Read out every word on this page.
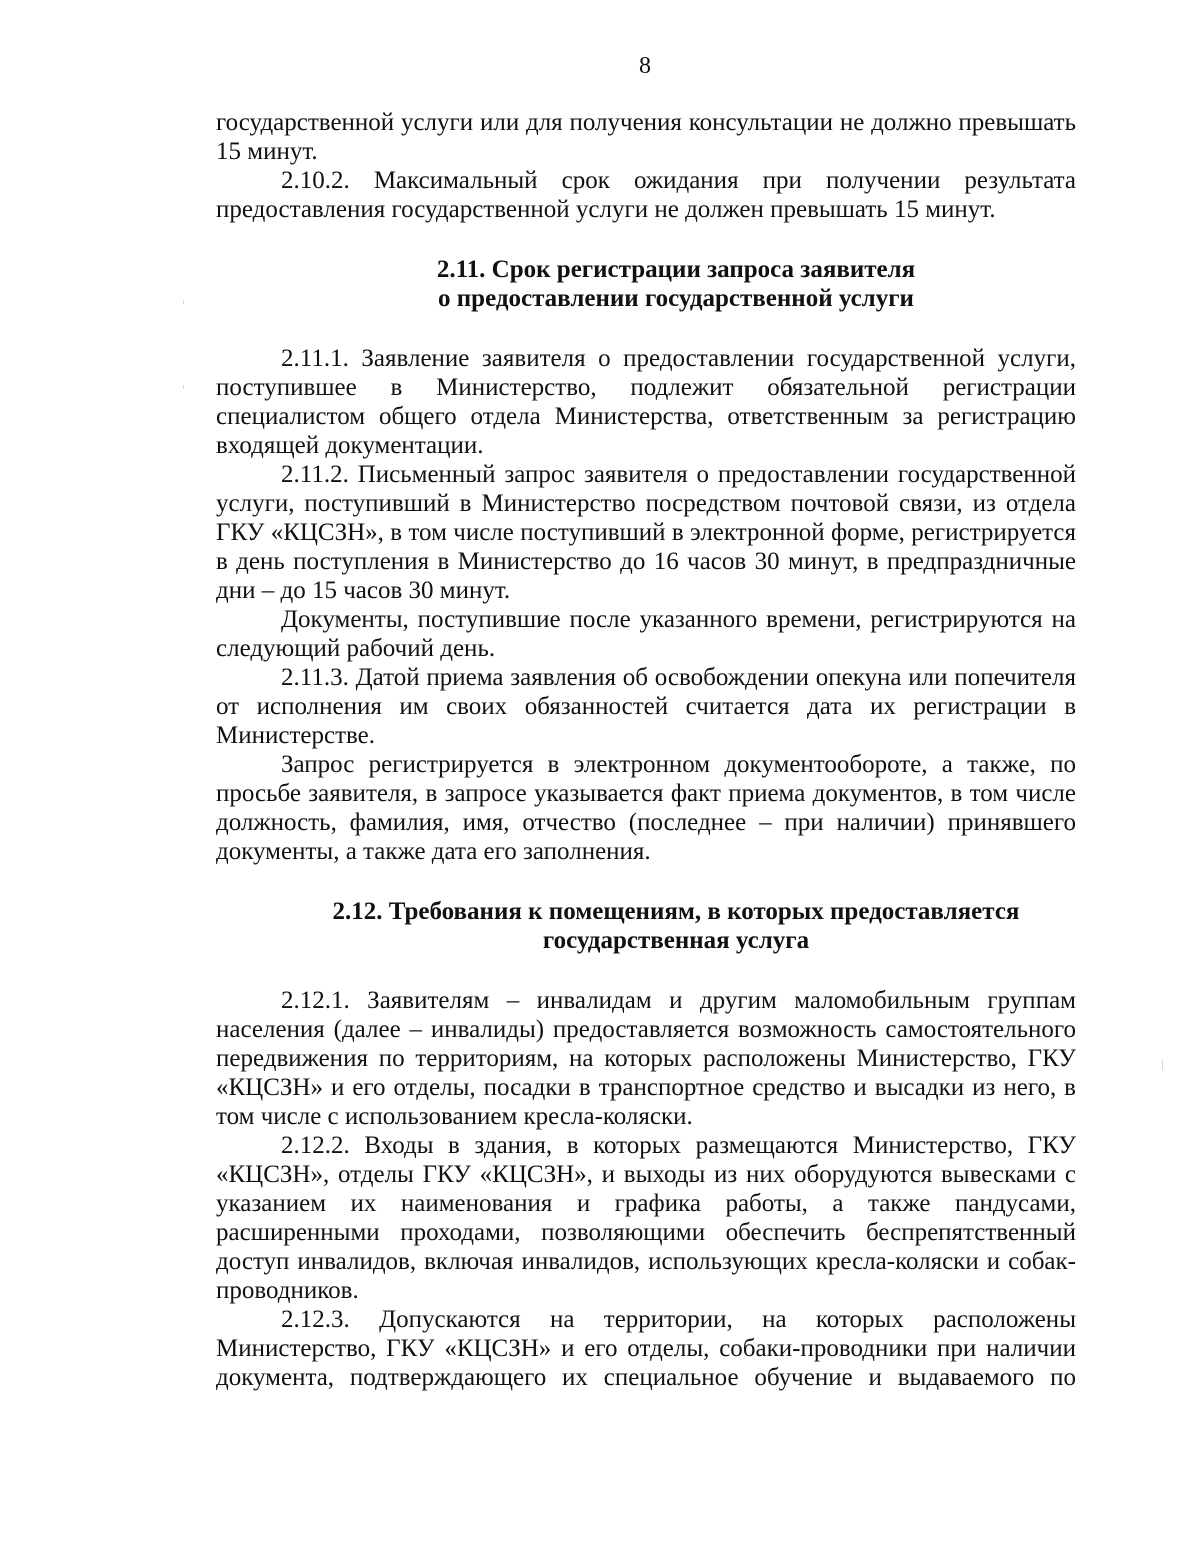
8

государственной услуги или для получения консультации не должно превышать 15 минут.

2.10.2. Максимальный срок ожидания при получении результата предоставления государственной услуги не должен превышать 15 минут.

2.11. Срок регистрации запроса заявителя
о предоставлении государственной услуги

2.11.1. Заявление заявителя о предоставлении государственной услуги, поступившее в Министерство, подлежит обязательной регистрации специалистом общего отдела Министерства, ответственным за регистрацию входящей документации.

2.11.2. Письменный запрос заявителя о предоставлении государственной услуги, поступивший в Министерство посредством почтовой связи, из отдела ГКУ «КЦСЗН», в том числе поступивший в электронной форме, регистрируется в день поступления в Министерство до 16 часов 30 минут, в предпраздничные дни – до 15 часов 30 минут.

Документы, поступившие после указанного времени, регистрируются на следующий рабочий день.

2.11.3. Датой приема заявления об освобождении опекуна или попечителя от исполнения им своих обязанностей считается дата их регистрации в Министерстве.

Запрос регистрируется в электронном документообороте, а также, по просьбе заявителя, в запросе указывается факт приема документов, в том числе должность, фамилия, имя, отчество (последнее – при наличии) принявшего документы, а также дата его заполнения.

2.12. Требования к помещениям, в которых предоставляется
государственная услуга

2.12.1. Заявителям – инвалидам и другим маломобильным группам населения (далее – инвалиды) предоставляется возможность самостоятельного передвижения по территориям, на которых расположены Министерство, ГКУ «КЦСЗН» и его отделы, посадки в транспортное средство и высадки из него, в том числе с использованием кресла-коляски.

2.12.2. Входы в здания, в которых размещаются Министерство, ГКУ «КЦСЗН», отделы ГКУ «КЦСЗН», и выходы из них оборудуются вывесками с указанием их наименования и графика работы, а также пандусами, расширенными проходами, позволяющими обеспечить беспрепятственный доступ инвалидов, включая инвалидов, использующих кресла-коляски и собак-проводников.

2.12.3. Допускаются на территории, на которых расположены Министерство, ГКУ «КЦСЗН» и его отделы, собаки-проводники при наличии документа, подтверждающего их специальное обучение и выдаваемого по
